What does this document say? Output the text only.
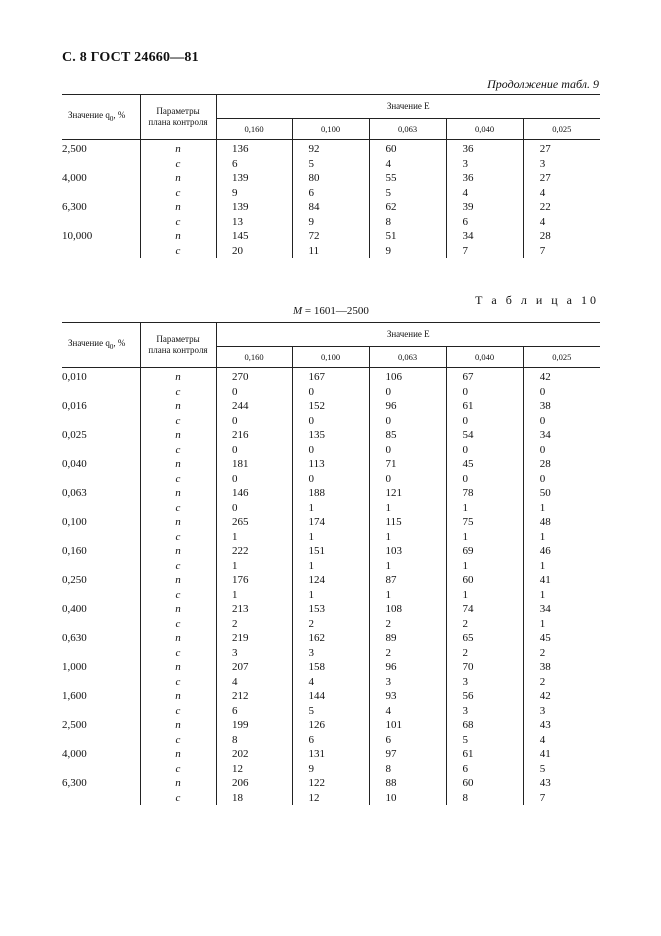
С. 8 ГОСТ 24660—81
Продолжение табл. 9
Значение $q_0$, %	Параметры
плана контроля	Значение E				
		0,160	0,100	0,063	0,040	0,025
2,500	n	136	92	60	36	27
	c	6	5	4	3	3
4,000	n	139	80	55	36	27
	c	9	6	5	4	4
6,300	n	139	84	62	39	22
	c	13	9	8	6	4
10,000	n	145	72	51	34	28
	c	20	11	9	7	7
Т а б л и ц а 10
M = 1601—2500
Значение $q_0$, %	Параметры
плана контроля	Значение E				
		0,160	0,100	0,063	0,040	0,025
0,010	n	270	167	106	67	42
	c	0	0	0	0	0
0,016	n	244	152	96	61	38
	c	0	0	0	0	0
0,025	n	216	135	85	54	34
	c	0	0	0	0	0
0,040	n	181	113	71	45	28
	c	0	0	0	0	0
0,063	n	146	188	121	78	50
	c	0	1	1	1	1
0,100	n	265	174	115	75	48
	c	1	1	1	1	1
0,160	n	222	151	103	69	46
	c	1	1	1	1	1
0,250	n	176	124	87	60	41
	c	1	1	1	1	1
0,400	n	213	153	108	74	34
	c	2	2	2	2	1
0,630	n	219	162	89	65	45
	c	3	3	2	2	2
1,000	n	207	158	96	70	38
	c	4	4	3	3	2
1,600	n	212	144	93	56	42
	c	6	5	4	3	3
2,500	n	199	126	101	68	43
	c	8	6	6	5	4
4,000	n	202	131	97	61	41
	c	12	9	8	6	5
6,300	n	206	122	88	60	43
	c	18	12	10	8	7
